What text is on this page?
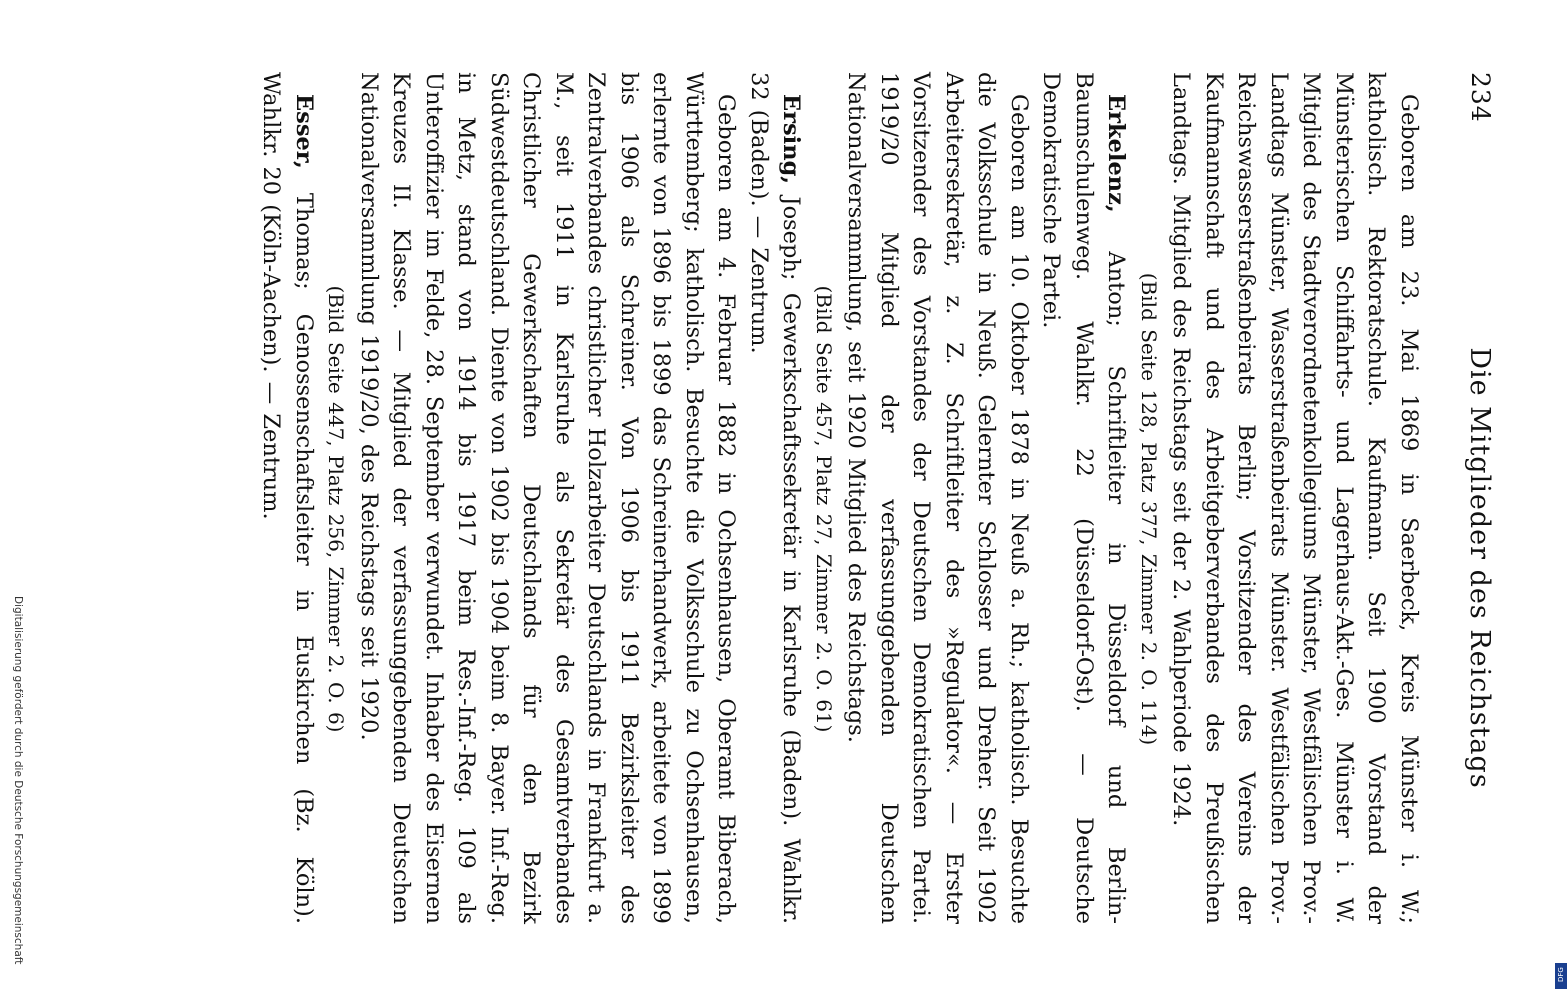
234
Die Mitglieder des Reichstags

Geboren am 23. Mai 1869 in Saerbeck, Kreis Münster i. W.; katholisch. Rektoratschule. Kaufmann. Seit 1900 Vorstand der Münsterischen Schiffahrts- und Lagerhaus-Akt.-Ges. Münster i. W. Mitglied des Stadtverordnetenkollegiums Münster, Westfälischen Prov.-Landtags Münster, Wasserstraßenbeirats Münster. Westfälischen Prov.-Reichswasserstraßenbeirats Berlin; Vorsitzender des Vereins der Kaufmannschaft und des Arbeitgeberverbandes des Preußischen Landtags. Mitglied des Reichstags seit der 2. Wahlperiode 1924.

(Bild Seite 128, Platz 377, Zimmer 2. O. 114)

Erkelenz, Anton; Schriftleiter in Düsseldorf und Berlin-Baumschulenweg. Wahlkr. 22 (Düsseldorf-Ost). — Deutsche Demokratische Partei.

Geboren am 10. Oktober 1878 in Neuß a. Rh.; katholisch. Besuchte die Volksschule in Neuß. Gelernter Schlosser und Dreher. Seit 1902 Arbeitersekretär, z. Z. Schriftleiter des »Regulator«. — Erster Vorsitzender des Vorstandes der Deutschen Demokratischen Partei. 1919/20 Mitglied der verfassunggebenden Deutschen Nationalversammlung, seit 1920 Mitglied des Reichstags.

(Bild Seite 457, Platz 27, Zimmer 2. O. 61)

Ersing, Joseph; Gewerkschaftssekretär in Karlsruhe (Baden). Wahlkr. 32 (Baden). — Zentrum.

Geboren am 4. Februar 1882 in Ochsenhausen, Oberamt Biberach, Württemberg; katholisch. Besuchte die Volksschule zu Ochsenhausen, erlernte von 1896 bis 1899 das Schreinerhandwerk, arbeitete von 1899 bis 1906 als Schreiner. Von 1906 bis 1911 Bezirksleiter des Zentralverbandes christlicher Holzarbeiter Deutschlands in Frankfurt a. M., seit 1911 in Karlsruhe als Sekretär des Gesamtverbandes Christlicher Gewerkschaften Deutschlands für den Bezirk Südwestdeutschland. Diente von 1902 bis 1904 beim 8. Bayer. Inf.-Reg. in Metz, stand von 1914 bis 1917 beim Res.-Inf.-Reg. 109 als Unteroffizier im Felde, 28. September verwundet. Inhaber des Eisernen Kreuzes II. Klasse. — Mitglied der verfassunggebenden Deutschen Nationalversammlung 1919/20, des Reichstags seit 1920.

(Bild Seite 447, Platz 256, Zimmer 2. O. 6)

Esser, Thomas; Genossenschaftsleiter in Euskirchen (Bz. Köln). Wahlkr. 20 (Köln-Aachen). — Zentrum.

Digitalisierung gefördert durch die Deutsche Forschungsgemeinschaft
DFG
